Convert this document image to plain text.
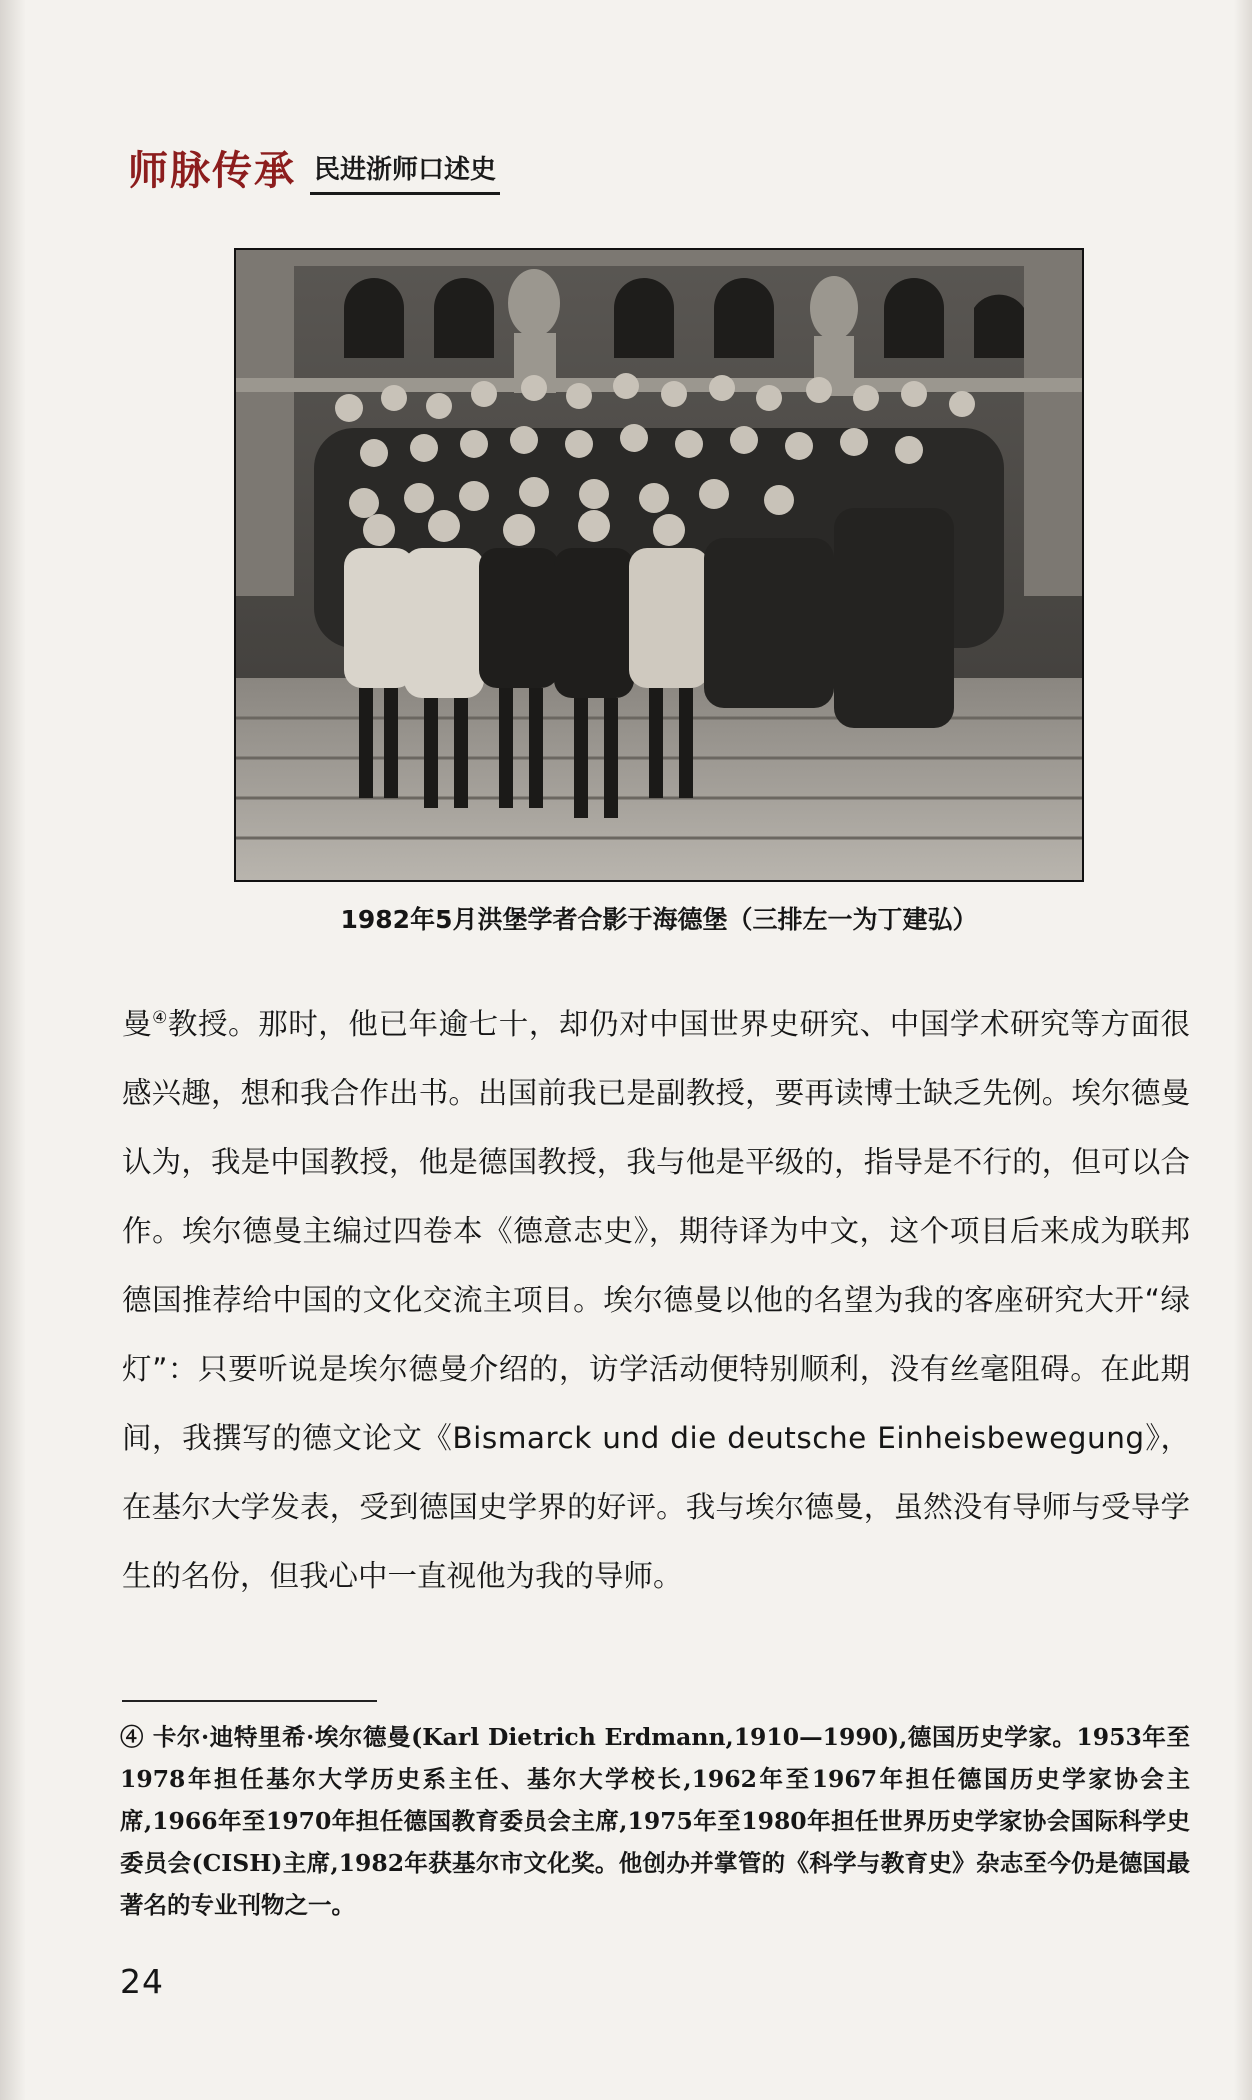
师脉传承 民进浙师口述史
1982年5月洪堡学者合影于海德堡（三排左一为丁建弘）

曼④教授。那时，他已年逾七十，却仍对中国世界史研究、中国学术研究等方面很感兴趣，想和我合作出书。出国前我已是副教授，要再读博士缺乏先例。埃尔德曼认为，我是中国教授，他是德国教授，我与他是平级的，指导是不行的，但可以合作。埃尔德曼主编过四卷本《德意志史》，期待译为中文，这个项目后来成为联邦德国推荐给中国的文化交流主项目。埃尔德曼以他的名望为我的客座研究大开“绿灯”：只要听说是埃尔德曼介绍的，访学活动便特别顺利，没有丝毫阻碍。在此期间，我撰写的德文论文《Bismarck und die deutsche Einheisbewegung》，在基尔大学发表，受到德国史学界的好评。我与埃尔德曼，虽然没有导师与受导学生的名份，但我心中一直视他为我的导师。

④ 卡尔·迪特里希·埃尔德曼(Karl Dietrich Erdmann,1910—1990),德国历史学家。1953年至1978年担任基尔大学历史系主任、基尔大学校长,1962年至1967年担任德国历史学家协会主席,1966年至1970年担任德国教育委员会主席,1975年至1980年担任世界历史学家协会国际科学史委员会(CISH)主席,1982年获基尔市文化奖。他创办并掌管的《科学与教育史》杂志至今仍是德国最著名的专业刊物之一。
24
